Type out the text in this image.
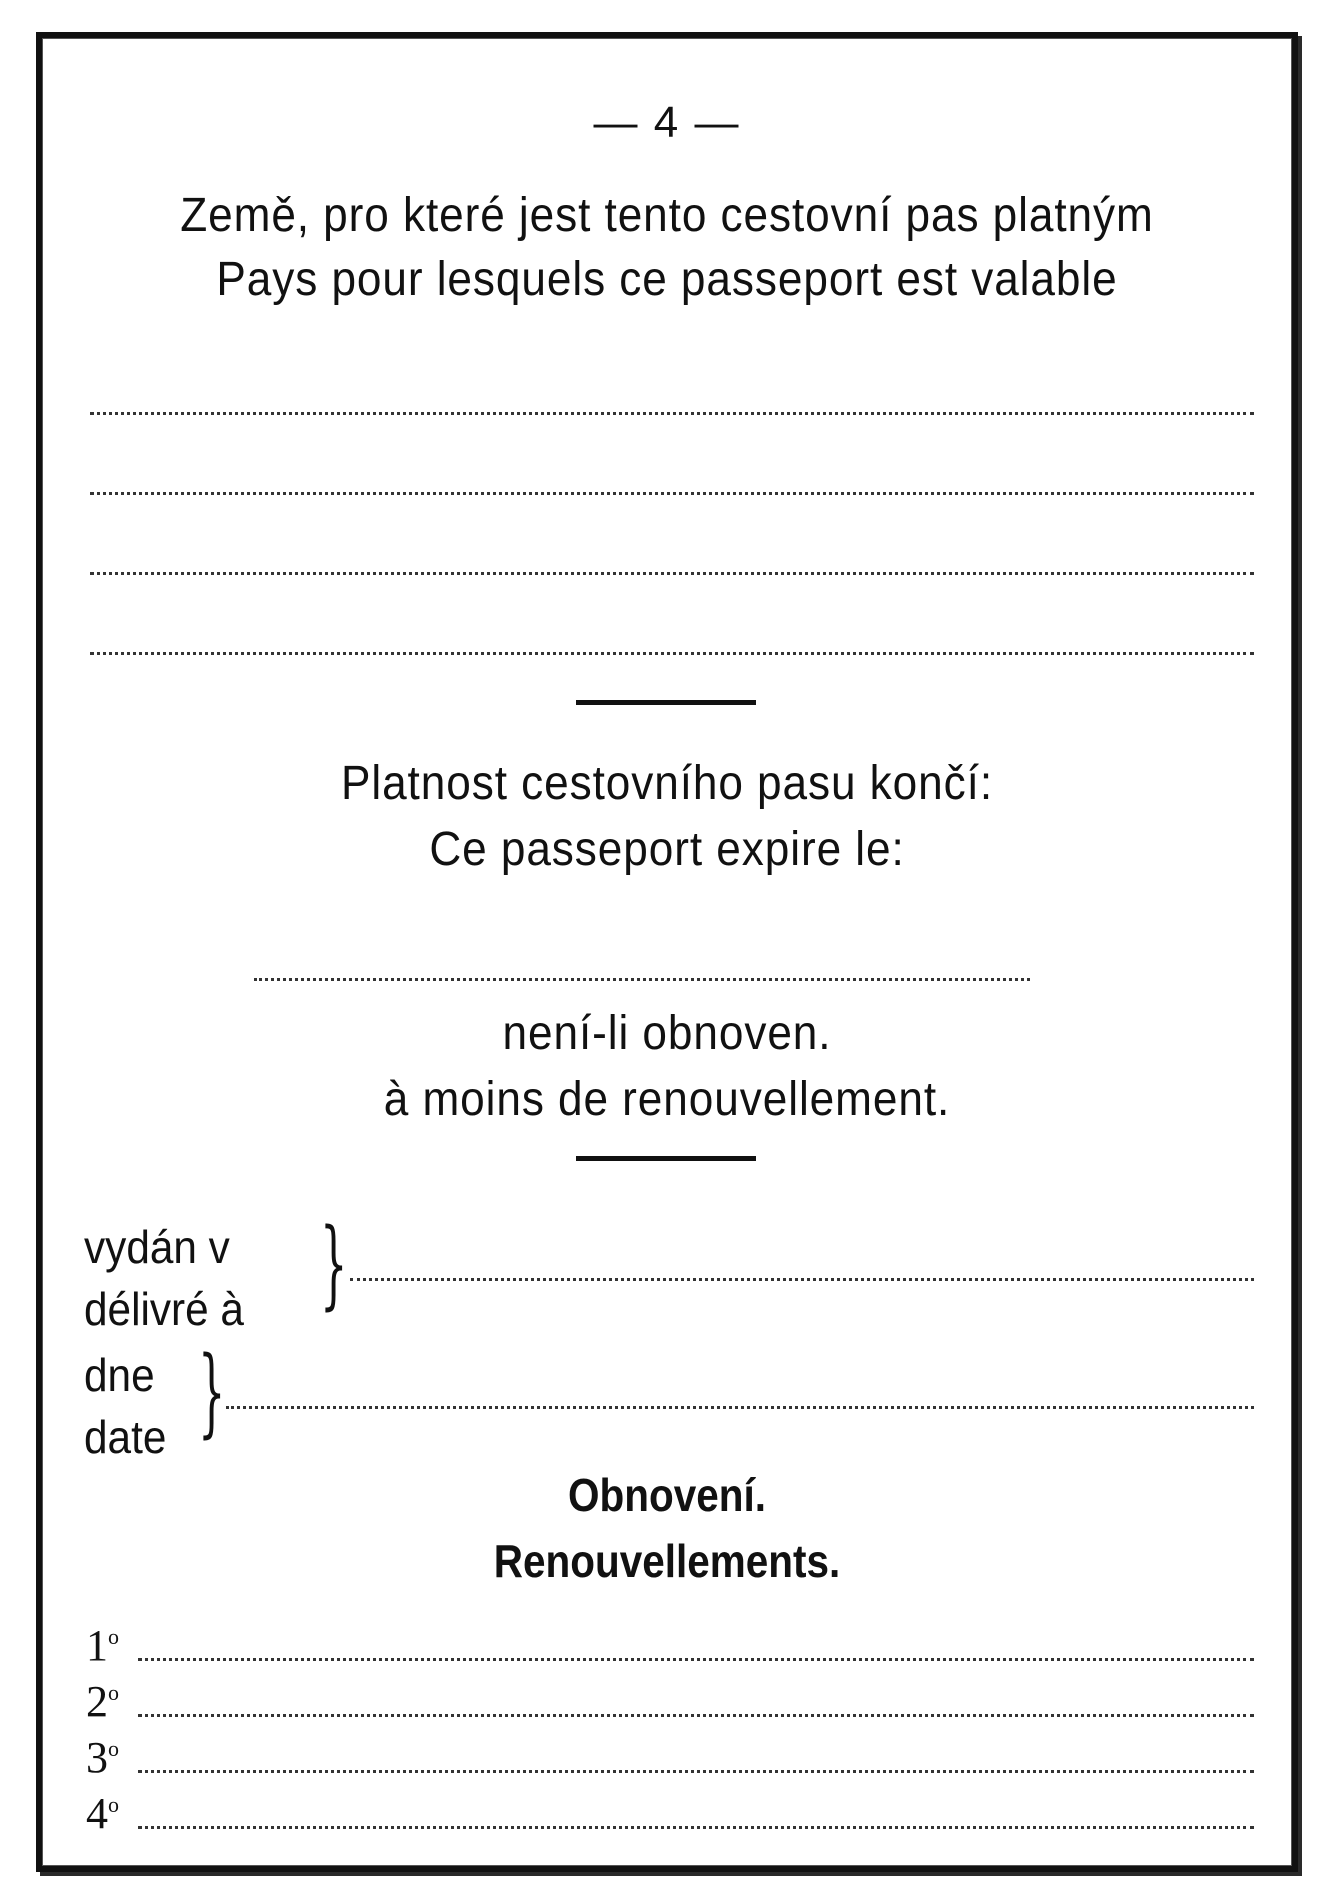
— 4 —
Země, pro které jest tento cestovní pas platným
Pays pour lesquels ce passeport est valable
Platnost cestovního pasu končí:
Ce passeport expire le:
není-li obnoven.
à moins de renouvellement.
vydán v
délivré à }
dne
date }
Obnovení.
Renouvellements.
1$^o$
2$^o$
3$^o$
4$^o$
